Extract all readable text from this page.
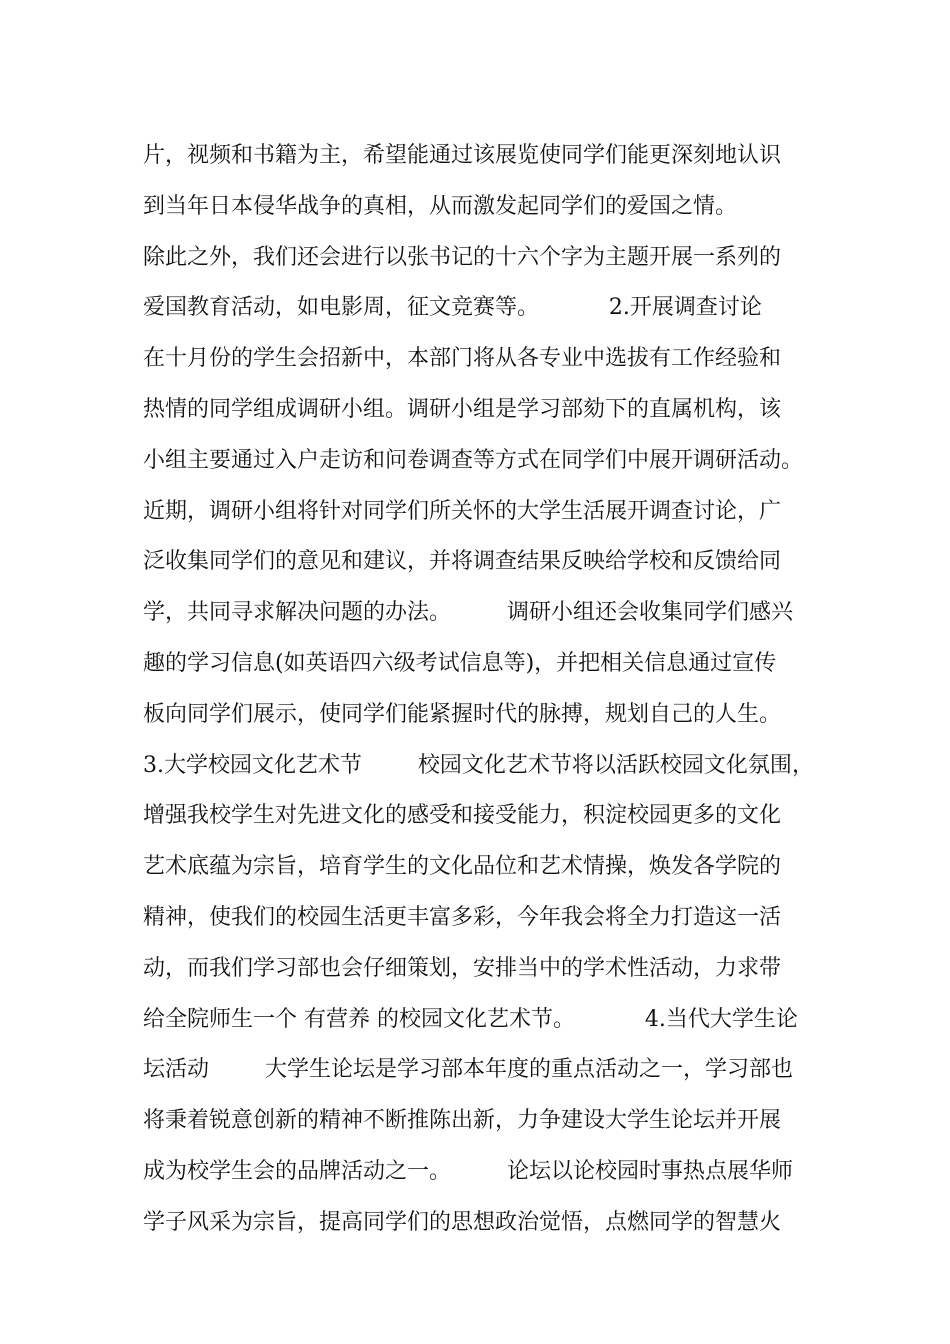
片，视频和书籍为主，希望能通过该展览使同学们能更深刻地认识
到当年日本侵华战争的真相，从而激发起同学们的爱国之情。
除此之外，我们还会进行以张书记的十六个字为主题开展一系列的
爱国教育活动，如电影周，征文竞赛等。          2.开展调查讨论
在十月份的学生会招新中，本部门将从各专业中选拔有工作经验和
热情的同学组成调研小组。调研小组是学习部劾下的直属机构，该
小组主要通过入户走访和问卷调查等方式在同学们中展开调研活动。
近期，调研小组将针对同学们所关怀的大学生活展开调查讨论，广
泛收集同学们的意见和建议，并将调查结果反映给学校和反馈给同
学，共同寻求解决问题的办法。        调研小组还会收集同学们感兴
趣的学习信息(如英语四六级考试信息等)，并把相关信息通过宣传
板向同学们展示，使同学们能紧握时代的脉搏，规划自己的人生。
3.大学校园文化艺术节        校园文化艺术节将以活跃校园文化氛围，
增强我校学生对先进文化的感受和接受能力，积淀校园更多的文化
艺术底蕴为宗旨，培育学生的文化品位和艺术情操，焕发各学院的
精神，使我们的校园生活更丰富多彩，今年我会将全力打造这一活
动，而我们学习部也会仔细策划，安排当中的学术性活动，力求带
给全院师生一个 有营养 的校园文化艺术节。          4.当代大学生论
坛活动        大学生论坛是学习部本年度的重点活动之一，学习部也
将秉着锐意创新的精神不断推陈出新，力争建设大学生论坛并开展
成为校学生会的品牌活动之一。        论坛以论校园时事热点展华师
学子风采为宗旨，提高同学们的思想政治觉悟，点燃同学的智慧火
